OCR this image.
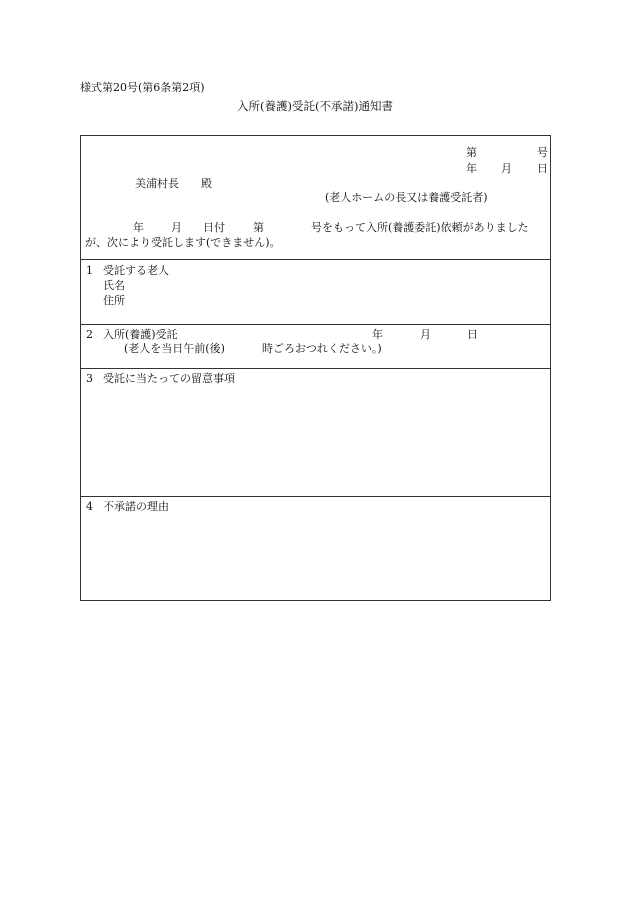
様式第20号(第6条第2項)
入所(養護)受託(不承諾)通知書
第	号
年 月 日
美浦村長 殿
(老人ホームの長又は養護受託者)
年 月 日付	第	号をもって入所(養護委託)依頼がありました
が、次により受託します(できません)。
1 受託する老人
氏名
住所
2 入所(養護)受託	年	月	日
(老人を当日午前(後)	時ごろおつれください。)
3 受託に当たっての留意事項
4 不承諾の理由
